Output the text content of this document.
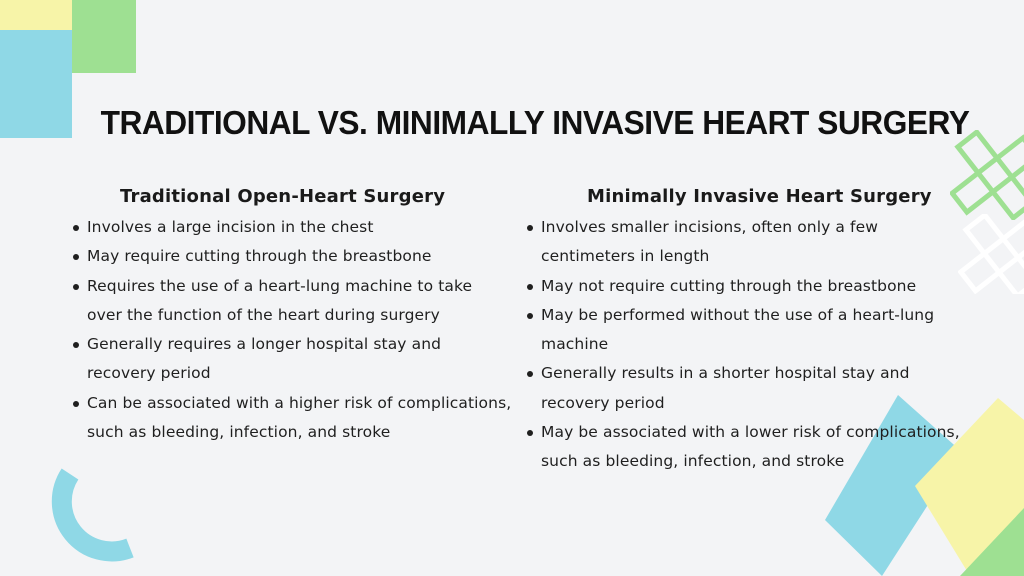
TRADITIONAL VS. MINIMALLY INVASIVE HEART SURGERY
Traditional Open-Heart Surgery
Involves a large incision in the chest
May require cutting through the breastbone
Requires the use of a heart-lung machine to take over the function of the heart during surgery
Generally requires a longer hospital stay and recovery period
Can be associated with a higher risk of complications, such as bleeding, infection, and stroke
Minimally Invasive Heart Surgery
Involves smaller incisions, often only a few centimeters in length
May not require cutting through the breastbone
May be performed without the use of a heart-lung machine
Generally results in a shorter hospital stay and recovery period
May be associated with a lower risk of complications, such as bleeding, infection, and stroke
